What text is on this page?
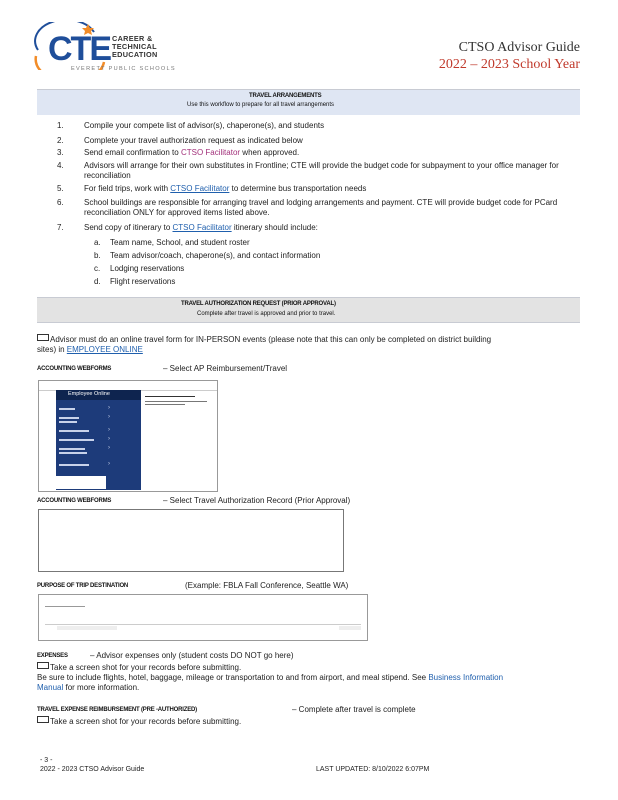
CTE CAREER &
TECHNICAL
EDUCATION
EVERETT PUBLIC SCHOOLS
CTSO Advisor Guide
2022 – 2023 School Year
TRAVEL ARRANGEMENTS
Use this workflow to prepare for all travel arrangements
1.	Compile your compete list of advisor(s), chaperone(s), and students
2.	Complete your travel authorization request as indicated below
3.	Send email confirmation to CTSO Facilitator when approved.
4.	Advisors will arrange for their own substitutes in Frontline; CTE will provide the budget code for subpayment to your office manager for reconciliation
5.	For field trips, work with CTSO Facilitator to determine bus transportation needs
6.	School buildings are responsible for arranging travel and lodging arrangements and payment. CTE will provide budget code for PCard reconciliation ONLY for approved items listed above.
7.	Send copy of itinerary to CTSO Facilitator itinerary should include:
a. Team name, School, and student roster
b. Team advisor/coach, chaperone(s), and contact information
c. Lodging reservations
d. Flight reservations
TRAVEL AUTHORIZATION REQUEST (PRIOR APPROVAL)
Complete after travel is approved and prior to travel.
Advisor must do an online travel form for IN-PERSON events (please note that this can only be completed on district building
sites) in EMPLOYEE ONLINE
ACCOUNTING WEBFORMS	– Select AP Reimbursement/Travel
Employee Online
›
›
›
›
›
›
ACCOUNTING WEBFORMS	– Select Travel Authorization Record (Prior Approval)
PURPOSE OF TRIP DESTINATION	(Example: FBLA Fall Conference, Seattle WA)
EXPENSES	– Advisor expenses only (student costs DO NOT go here)
Take a screen shot for your records before submitting.
Be sure to include flights, hotel, baggage, mileage or transportation to and from airport, and meal stipend. See Business Information
Manual for more information.
TRAVEL EXPENSE REIMBURSEMENT (PRE -AUTHORIZED)	– Complete after travel is complete
Take a screen shot for your records before submitting.
- 3 -
2022 - 2023 CTSO Advisor Guide	LAST UPDATED: 8/10/2022 6:07PM
